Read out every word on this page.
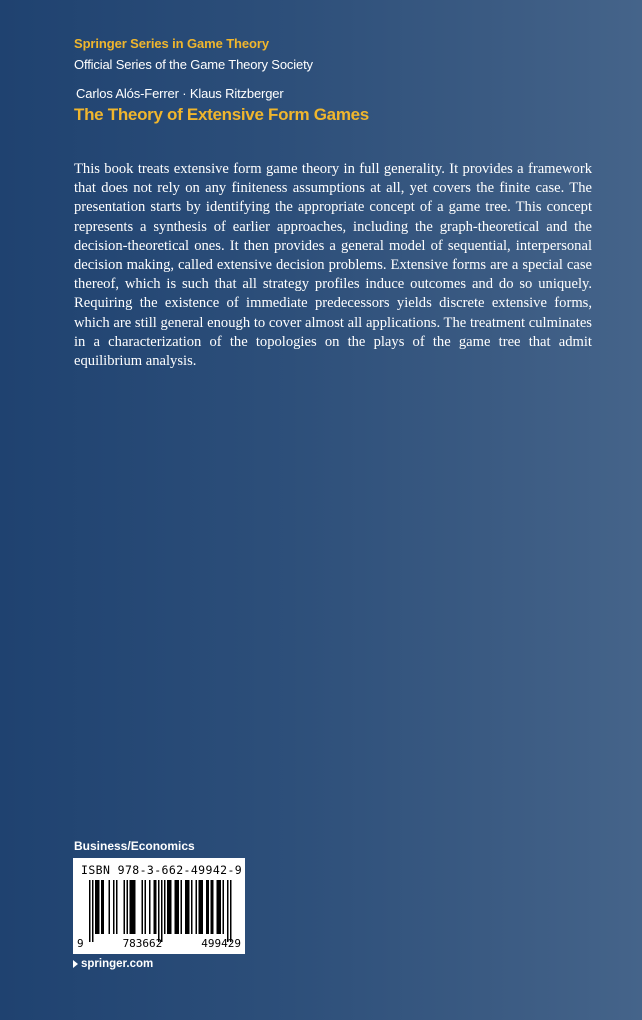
Springer Series in Game Theory
Official Series of the Game Theory Society
Carlos Alós-Ferrer · Klaus Ritzberger
The Theory of Extensive Form Games

This book treats extensive form game theory in full generality. It provides a framework that does not rely on any finiteness assumptions at all, yet covers the finite case. The presentation starts by identifying the appropriate concept of a game tree. This concept represents a synthesis of earlier approaches, including the graph-theoretical and the decision-theoretical ones. It then provides a general model of sequential, interpersonal decision making, called extensive decision problems. Extensive forms are a special case thereof, which is such that all strategy profiles induce outcomes and do so uniquely. Requiring the existence of immediate predecessors yields discrete extensive forms, which are still general enough to cover almost all applications. The treatment culminates in a characterization of the topologies on the plays of the game tree that admit equilibrium analysis.

Business/Economics
ISBN 978-3-662-49942-9
9	783662	499429
springer.com
